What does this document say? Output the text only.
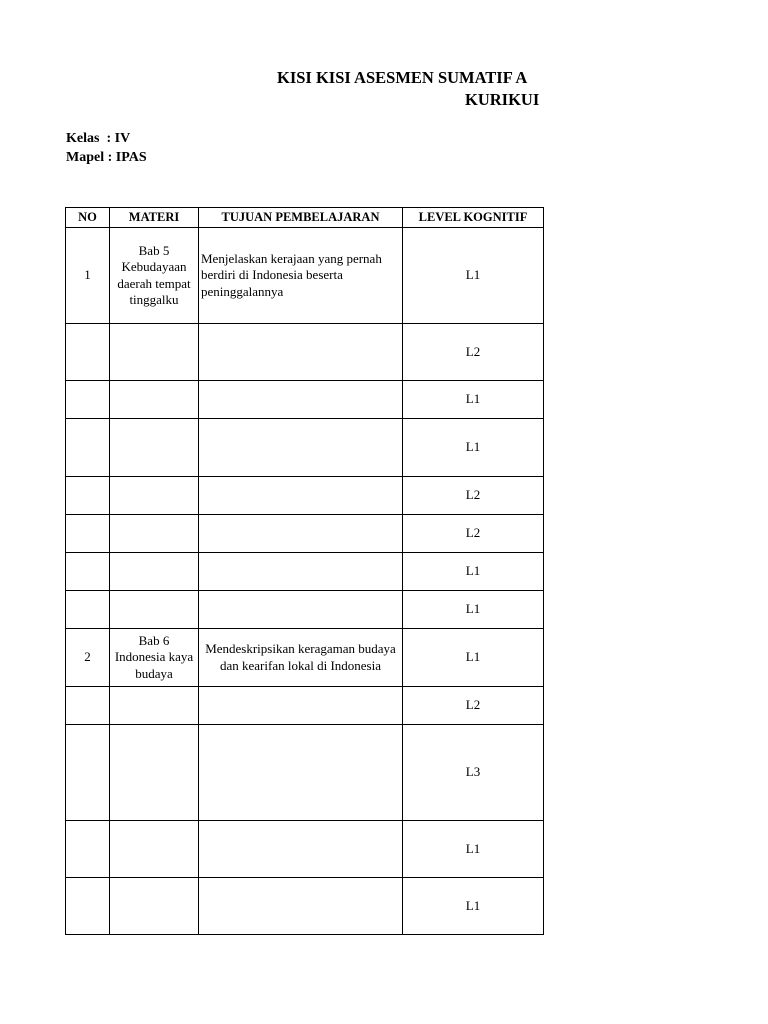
KISI KISI ASESMEN SUMATIF A
KURIKUI
Kelas  : IV
Mapel : IPAS
NO	MATERI	TUJUAN PEMBELAJARAN	LEVEL KOGNITIF
1	Bab 5 Kebudayaan daerah tempat tinggalku	Menjelaskan kerajaan yang pernah berdiri di Indonesia beserta peninggalannya	L1
			L2
			L1
			L1
			L2
			L2
			L1
			L1
2	Bab 6 Indonesia kaya budaya	Mendeskripsikan keragaman budaya dan kearifan lokal di Indonesia	L1
			L2
			L3
			L1
			L1
